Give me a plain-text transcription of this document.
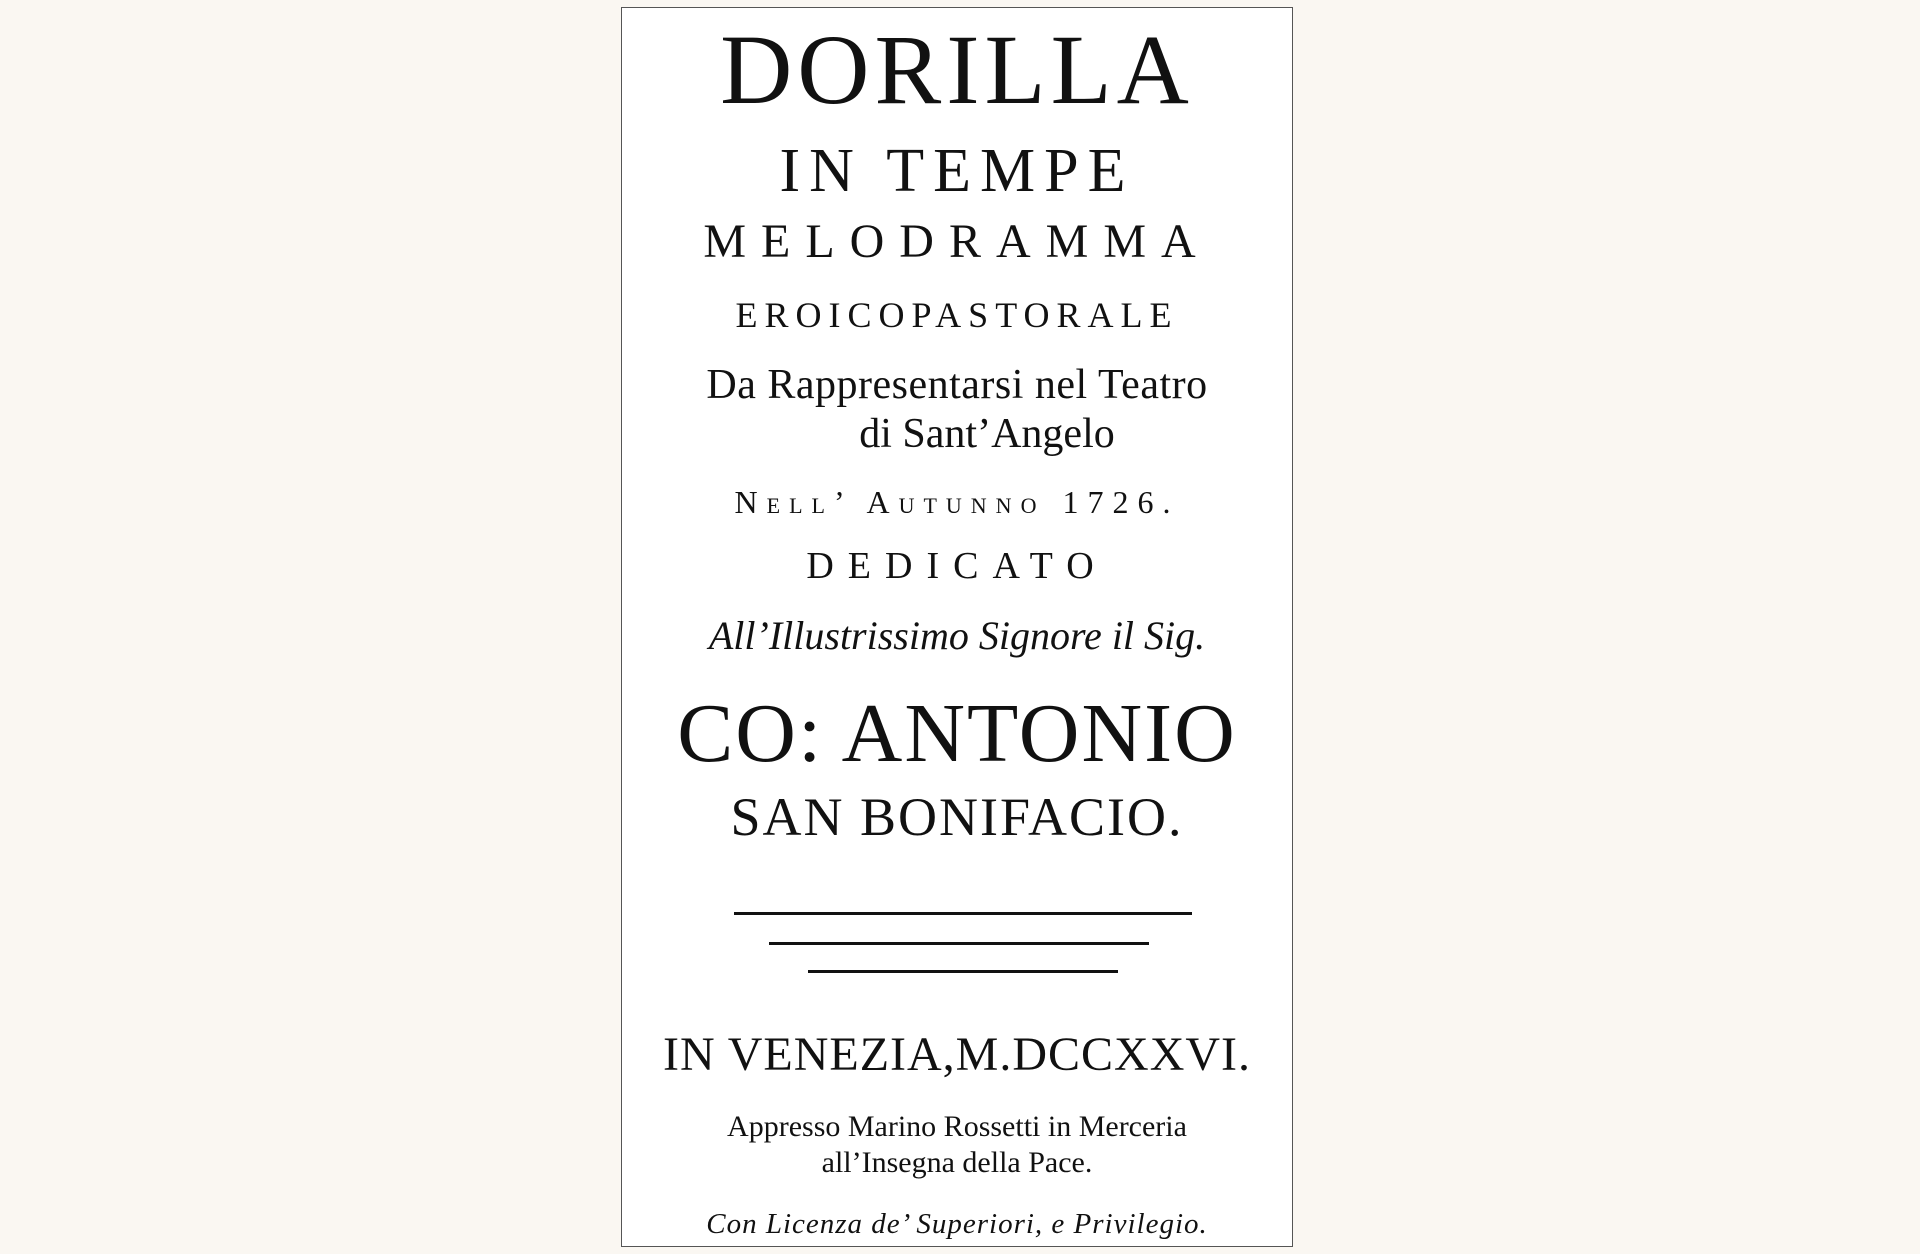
DORILLA
IN TEMPE
MELODRAMMA
EROICOPASTORALE
Da Rappresentarsi nel Teatro
di Sant’Angelo
Nell’ Autunno 1726.
DEDICATO
All’Illustrissimo Signore il Sig.
CO: ANTONIO
SAN BONIFACIO.
IN VENEZIA,M.DCCXXVI.
Appresso Marino Rossetti in Merceria
all’Insegna della Pace.
Con Licenza de’ Superiori, e Privilegio.
